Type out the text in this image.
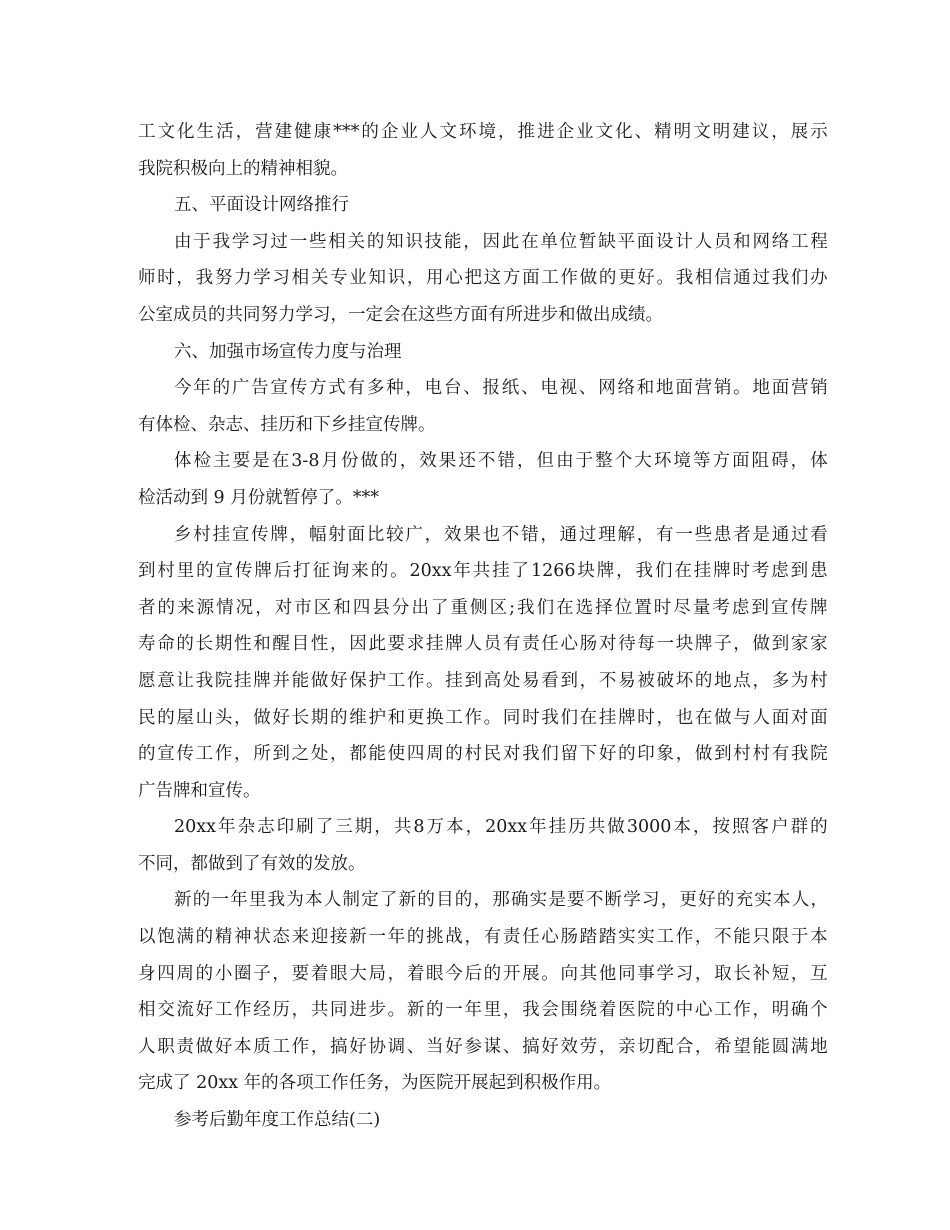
工 文 化 生 活 ， 营 建 健 康 *** 的 企 业 人 文 环 境 ， 推 进 企 业 文 化 、 精 明 文 明 建 议 ， 展 示
我院积极向上的精神相貌。
五、平面设计网络推行
由 于 我 学 习 过 一 些 相 关 的 知 识 技 能 ， 因 此 在 单 位 暂 缺 平 面 设 计 人 员 和 网 络 工 程
师 时 ， 我 努 力 学 习 相 关 专 业 知 识 ， 用 心 把 这 方 面 工 作 做 的 更 好 。 我 相 信 通 过 我 们 办
公室成员的共同努力学习，一定会在这些方面有所进步和做出成绩。
六、加强市场宣传力度与治理
今 年 的 广 告 宣 传 方 式 有 多 种 ， 电 台 、 报 纸 、 电 视 、 网 络 和 地 面 营 销 。 地 面 营 销
有体检、杂志、挂历和下乡挂宣传牌。
体 检 主 要 是 在 3-8 月 份 做 的 ， 效 果 还 不 错 ， 但 由 于 整 个 大 环 境 等 方 面 阻 碍 ， 体
检活动到 9 月份就暂停了。***
乡 村 挂 宣 传 牌 ， 幅 射 面 比 较 广 ， 效 果 也 不 错 ， 通 过 理 解 ， 有 一 些 患 者 是 通 过 看
到 村 里 的 宣 传 牌 后 打 征 询 来 的 。 20xx 年 共 挂 了 1266 块 牌 ， 我 们 在 挂 牌 时 考 虑 到 患
者 的 来 源 情 况 ， 对 市 区 和 四 县 分 出 了 重 侧 区 ; 我 们 在 选 择 位 置 时 尽 量 考 虑 到 宣 传 牌
寿 命 的 长 期 性 和 醒 目 性 ， 因 此 要 求 挂 牌 人 员 有 责 任 心 肠 对 待 每 一 块 牌 子 ， 做 到 家 家
愿 意 让 我 院 挂 牌 并 能 做 好 保 护 工 作 。 挂 到 高 处 易 看 到 ， 不 易 被 破 坏 的 地 点 ， 多 为 村
民 的 屋 山 头 ， 做 好 长 期 的 维 护 和 更 换 工 作 。 同 时 我 们 在 挂 牌 时 ， 也 在 做 与 人 面 对 面
的 宣 传 工 作 ， 所 到 之 处 ， 都 能 使 四 周 的 村 民 对 我 们 留 下 好 的 印 象 ， 做 到 村 村 有 我 院
广告牌和宣传。
20xx 年 杂 志 印 刷 了 三 期 ， 共 8 万 本 ， 20xx 年 挂 历 共 做 3000 本 ， 按 照 客 户 群 的
不同，都做到了有效的发放。
新 的 一 年 里 我 为 本 人 制 定 了 新 的 目 的 ， 那 确 实 是 要 不 断 学 习 ， 更 好 的 充 实 本 人 ，
以 饱 满 的 精 神 状 态 来 迎 接 新 一 年 的 挑 战 ， 有 责 任 心 肠 踏 踏 实 实 工 作 ， 不 能 只 限 于 本
身 四 周 的 小 圈 子 ， 要 着 眼 大 局 ， 着 眼 今 后 的 开 展 。 向 其 他 同 事 学 习 ， 取 长 补 短 ， 互
相 交 流 好 工 作 经 历 ， 共 同 进 步 。 新 的 一 年 里 ， 我 会 围 绕 着 医 院 的 中 心 工 作 ， 明 确 个
人 职 责 做 好 本 质 工 作 ， 搞 好 协 调 、 当 好 参 谋 、 搞 好 效 劳 ， 亲 切 配 合 ， 希 望 能 圆 满 地
完成了 20xx 年的各项工作任务，为医院开展起到积极作用。
参考后勤年度工作总结(二)
